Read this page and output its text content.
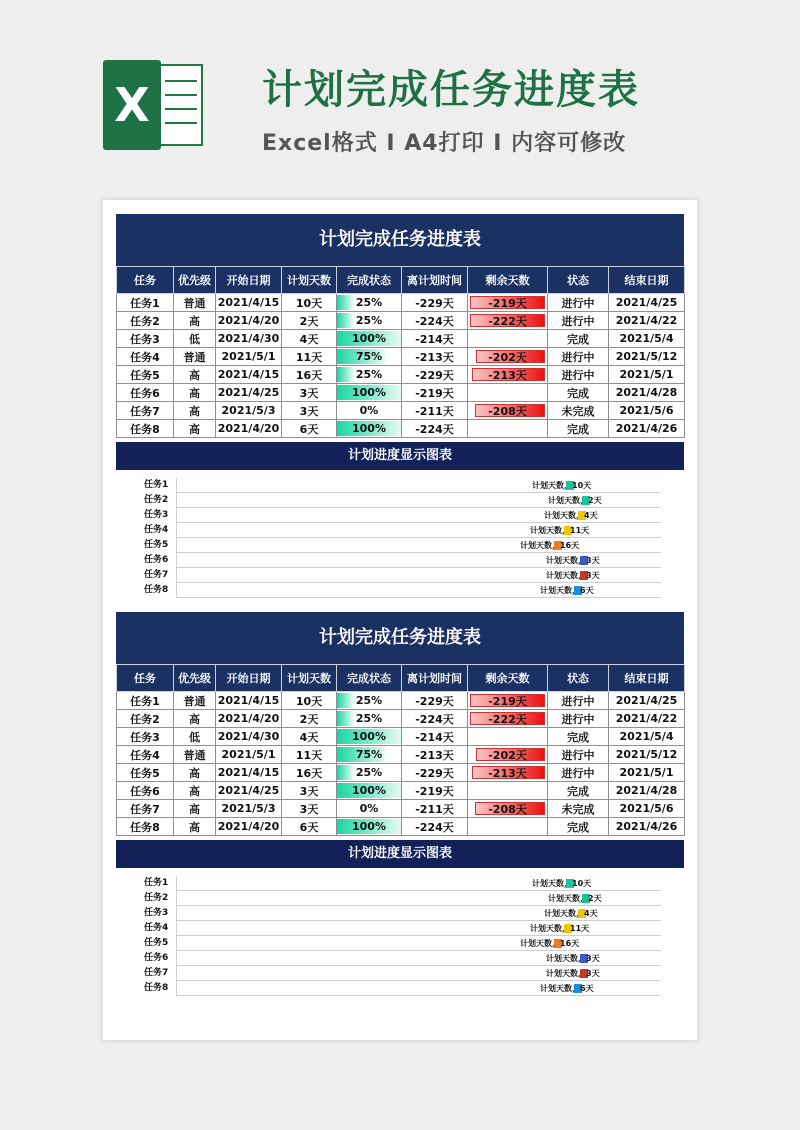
X	计划完成任务进度表
Excel格式 I A4打印 I 内容可修改
计划完成任务进度表
任务	优先级	开始日期	计划天数	完成状态	离计划时间	剩余天数	状态	结束日期
任务1	普通	2021/4/15	10天	25%	-229天	-219天	进行中	2021/4/25
任务2	高	2021/4/20	2天	25%	-224天	-222天	进行中	2021/4/22
任务3	低	2021/4/30	4天	100%	-214天		完成	2021/5/4
任务4	普通	2021/5/1	11天	75%	-213天	-202天	进行中	2021/5/12
任务5	高	2021/4/15	16天	25%	-229天	-213天	进行中	2021/5/1
任务6	高	2021/4/25	3天	100%	-219天		完成	2021/4/28
任务7	高	2021/5/3	3天	0%	-211天	-208天	未完成	2021/5/6
任务8	高	2021/4/20	6天	100%	-224天		完成	2021/4/26
计划进度显示图表
任务1	计划天数，10天
任务2	计划天数，2天
任务3	计划天数，4天
任务4	计划天数，11天
任务5	计划天数，16天
任务6	计划天数，3天
任务7	计划天数，3天
任务8	计划天数，6天
计划完成任务进度表
任务	优先级	开始日期	计划天数	完成状态	离计划时间	剩余天数	状态	结束日期
任务1	普通	2021/4/15	10天	25%	-229天	-219天	进行中	2021/4/25
任务2	高	2021/4/20	2天	25%	-224天	-222天	进行中	2021/4/22
任务3	低	2021/4/30	4天	100%	-214天		完成	2021/5/4
任务4	普通	2021/5/1	11天	75%	-213天	-202天	进行中	2021/5/12
任务5	高	2021/4/15	16天	25%	-229天	-213天	进行中	2021/5/1
任务6	高	2021/4/25	3天	100%	-219天		完成	2021/4/28
任务7	高	2021/5/3	3天	0%	-211天	-208天	未完成	2021/5/6
任务8	高	2021/4/20	6天	100%	-224天		完成	2021/4/26
计划进度显示图表
任务1	计划天数，10天
任务2	计划天数，2天
任务3	计划天数，4天
任务4	计划天数，11天
任务5	计划天数，16天
任务6	计划天数，3天
任务7	计划天数，3天
任务8	计划天数，6天
